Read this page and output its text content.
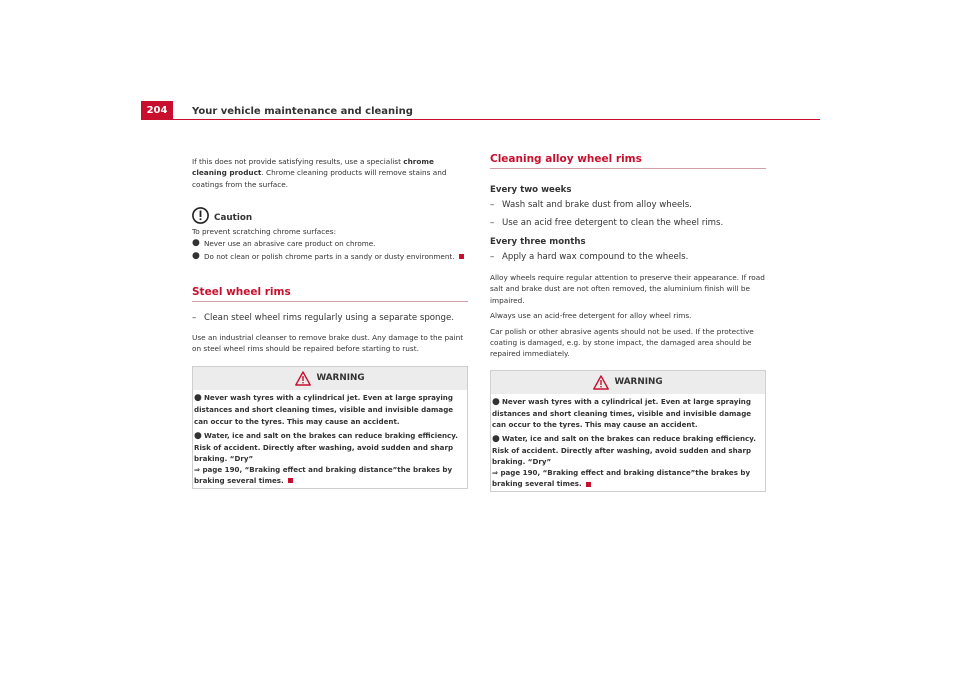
204	Your vehicle maintenance and cleaning

If this does not provide satisfying results, use a specialist chrome cleaning product. Chrome cleaning products will remove stains and coatings from the surface.

Caution

To prevent scratching chrome surfaces:

● Never use an abrasive care product on chrome.
● Do not clean or polish chrome parts in a sandy or dusty environment.
Steel wheel rims

– Clean steel wheel rims regularly using a separate sponge.

Use an industrial cleanser to remove brake dust. Any damage to the paint on steel wheel rims should be repaired before starting to rust.

WARNING
● Never wash tyres with a cylindrical jet. Even at large spraying distances and short cleaning times, visible and invisible damage can occur to the tyres. This may cause an accident.
● Water, ice and salt on the brakes can reduce braking efficiency. Risk of accident. Directly after washing, avoid sudden and sharp braking. “Dry”
⇒ page 190, “Braking effect and braking distance”the brakes by braking several times.
Cleaning alloy wheel rims
Every two weeks

– Wash salt and brake dust from alloy wheels.

– Use an acid free detergent to clean the wheel rims.

Every three months

– Apply a hard wax compound to the wheels.

Alloy wheels require regular attention to preserve their appearance. If road salt and brake dust are not often removed, the aluminium finish will be impaired.

Always use an acid-free detergent for alloy wheel rims.

Car polish or other abrasive agents should not be used. If the protective coating is damaged, e.g. by stone impact, the damaged area should be repaired immediately.

WARNING
● Never wash tyres with a cylindrical jet. Even at large spraying distances and short cleaning times, visible and invisible damage can occur to the tyres. This may cause an accident.
● Water, ice and salt on the brakes can reduce braking efficiency. Risk of accident. Directly after washing, avoid sudden and sharp braking. “Dry”
⇒ page 190, “Braking effect and braking distance”the brakes by braking several times.
